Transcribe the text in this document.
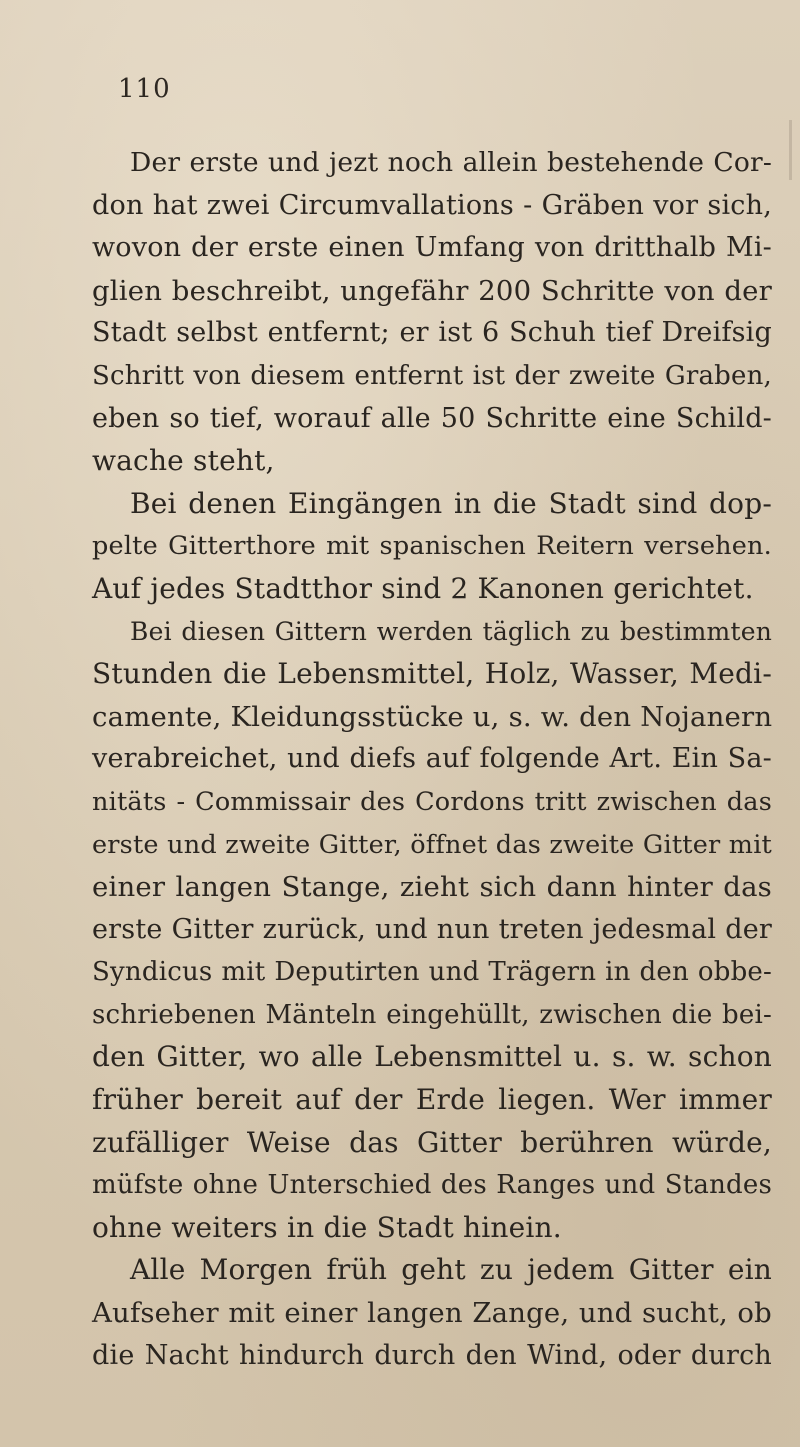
110
Der erste und jezt noch allein bestehende Cor-
don hat zwei Circumvallations - Gräben vor sich,
wovon der erste einen Umfang von dritthalb Mi-
glien beschreibt, ungefähr 200 Schritte von der
Stadt selbst entfernt; er ist 6 Schuh tief Dreifsig
Schritt von diesem entfernt ist der zweite Graben,
eben so tief, worauf alle 50 Schritte eine Schild-
wache steht,
Bei denen Eingängen in die Stadt sind dop-
pelte Gitterthore mit spanischen Reitern versehen.
Auf jedes Stadtthor sind 2 Kanonen gerichtet.
Bei diesen Gittern werden täglich zu bestimmten
Stunden die Lebensmittel, Holz, Wasser, Medi-
camente, Kleidungsstücke u, s. w. den Nojanern
verabreichet, und diefs auf folgende Art. Ein Sa-
nitäts - Commissair des Cordons tritt zwischen das
erste und zweite Gitter, öffnet das zweite Gitter mit
einer langen Stange, zieht sich dann hinter das
erste Gitter zurück, und nun treten jedesmal der
Syndicus mit Deputirten und Trägern in den obbe-
schriebenen Mänteln eingehüllt, zwischen die bei-
den Gitter, wo alle Lebensmittel u. s. w. schon
früher bereit auf der Erde liegen. Wer immer
zufälliger Weise das Gitter berühren würde,
müfste ohne Unterschied des Ranges und Standes
ohne weiters in die Stadt hinein.
Alle Morgen früh geht zu jedem Gitter ein
Aufseher mit einer langen Zange, und sucht, ob
die Nacht hindurch durch den Wind, oder durch
